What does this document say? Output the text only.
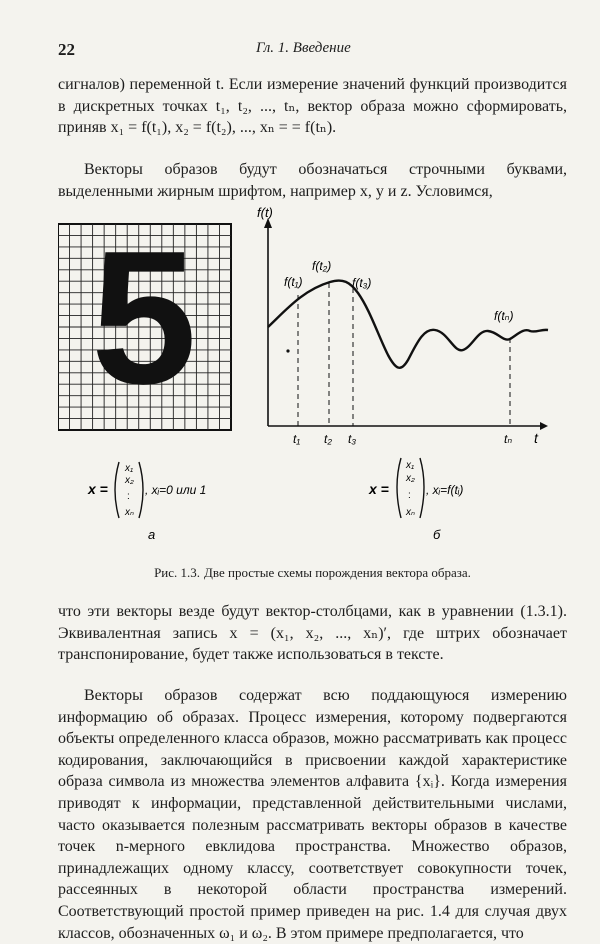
22	Гл. 1. Введение

сигналов) переменной t. Если измерение значений функций производится в дискретных точках t₁, t₂, ..., tₙ, вектор образа можно сформировать, приняв x₁ = f(t₁), x₂ = f(t₂), ..., xₙ = = f(tₙ).

Векторы образов будут обозначаться строчными буквами, выделенными жирным шрифтом, например x, y и z. Условимся,

5	f(t)
t
f(t₁)
f(t₂)
f(t₃)
f(tₙ)
t₁ t₂ t₃	tₙ
x =
x₁
x₂
:
xₙ
, xᵢ=0 или 1
а
x =
x₁
x₂
:
xₙ
, xᵢ=f(tᵢ)
б
Рис. 1.3. Две простые схемы порождения вектора образа.

что эти векторы везде будут вектор-столбцами, как в уравнении (1.3.1). Эквивалентная запись x = (x₁, x₂, ..., xₙ)′, где штрих обозначает транспонирование, будет также использоваться в тексте.

Векторы образов содержат всю поддающуюся измерению информацию об образах. Процесс измерения, которому подвергаются объекты определенного класса образов, можно рассматривать как процесс кодирования, заключающийся в присвоении каждой характеристике образа символа из множества элементов алфавита {xᵢ}. Когда измерения приводят к информации, представленной действительными числами, часто оказывается полезным рассматривать векторы образов в качестве точек n-мерного евклидова пространства. Множество образов, принадлежащих одному классу, соответствует совокупности точек, рассеянных в некоторой области пространства измерений. Соответствующий простой пример приведен на рис. 1.4 для случая двух классов, обозначенных ω₁ и ω₂. В этом примере предполагается, что
